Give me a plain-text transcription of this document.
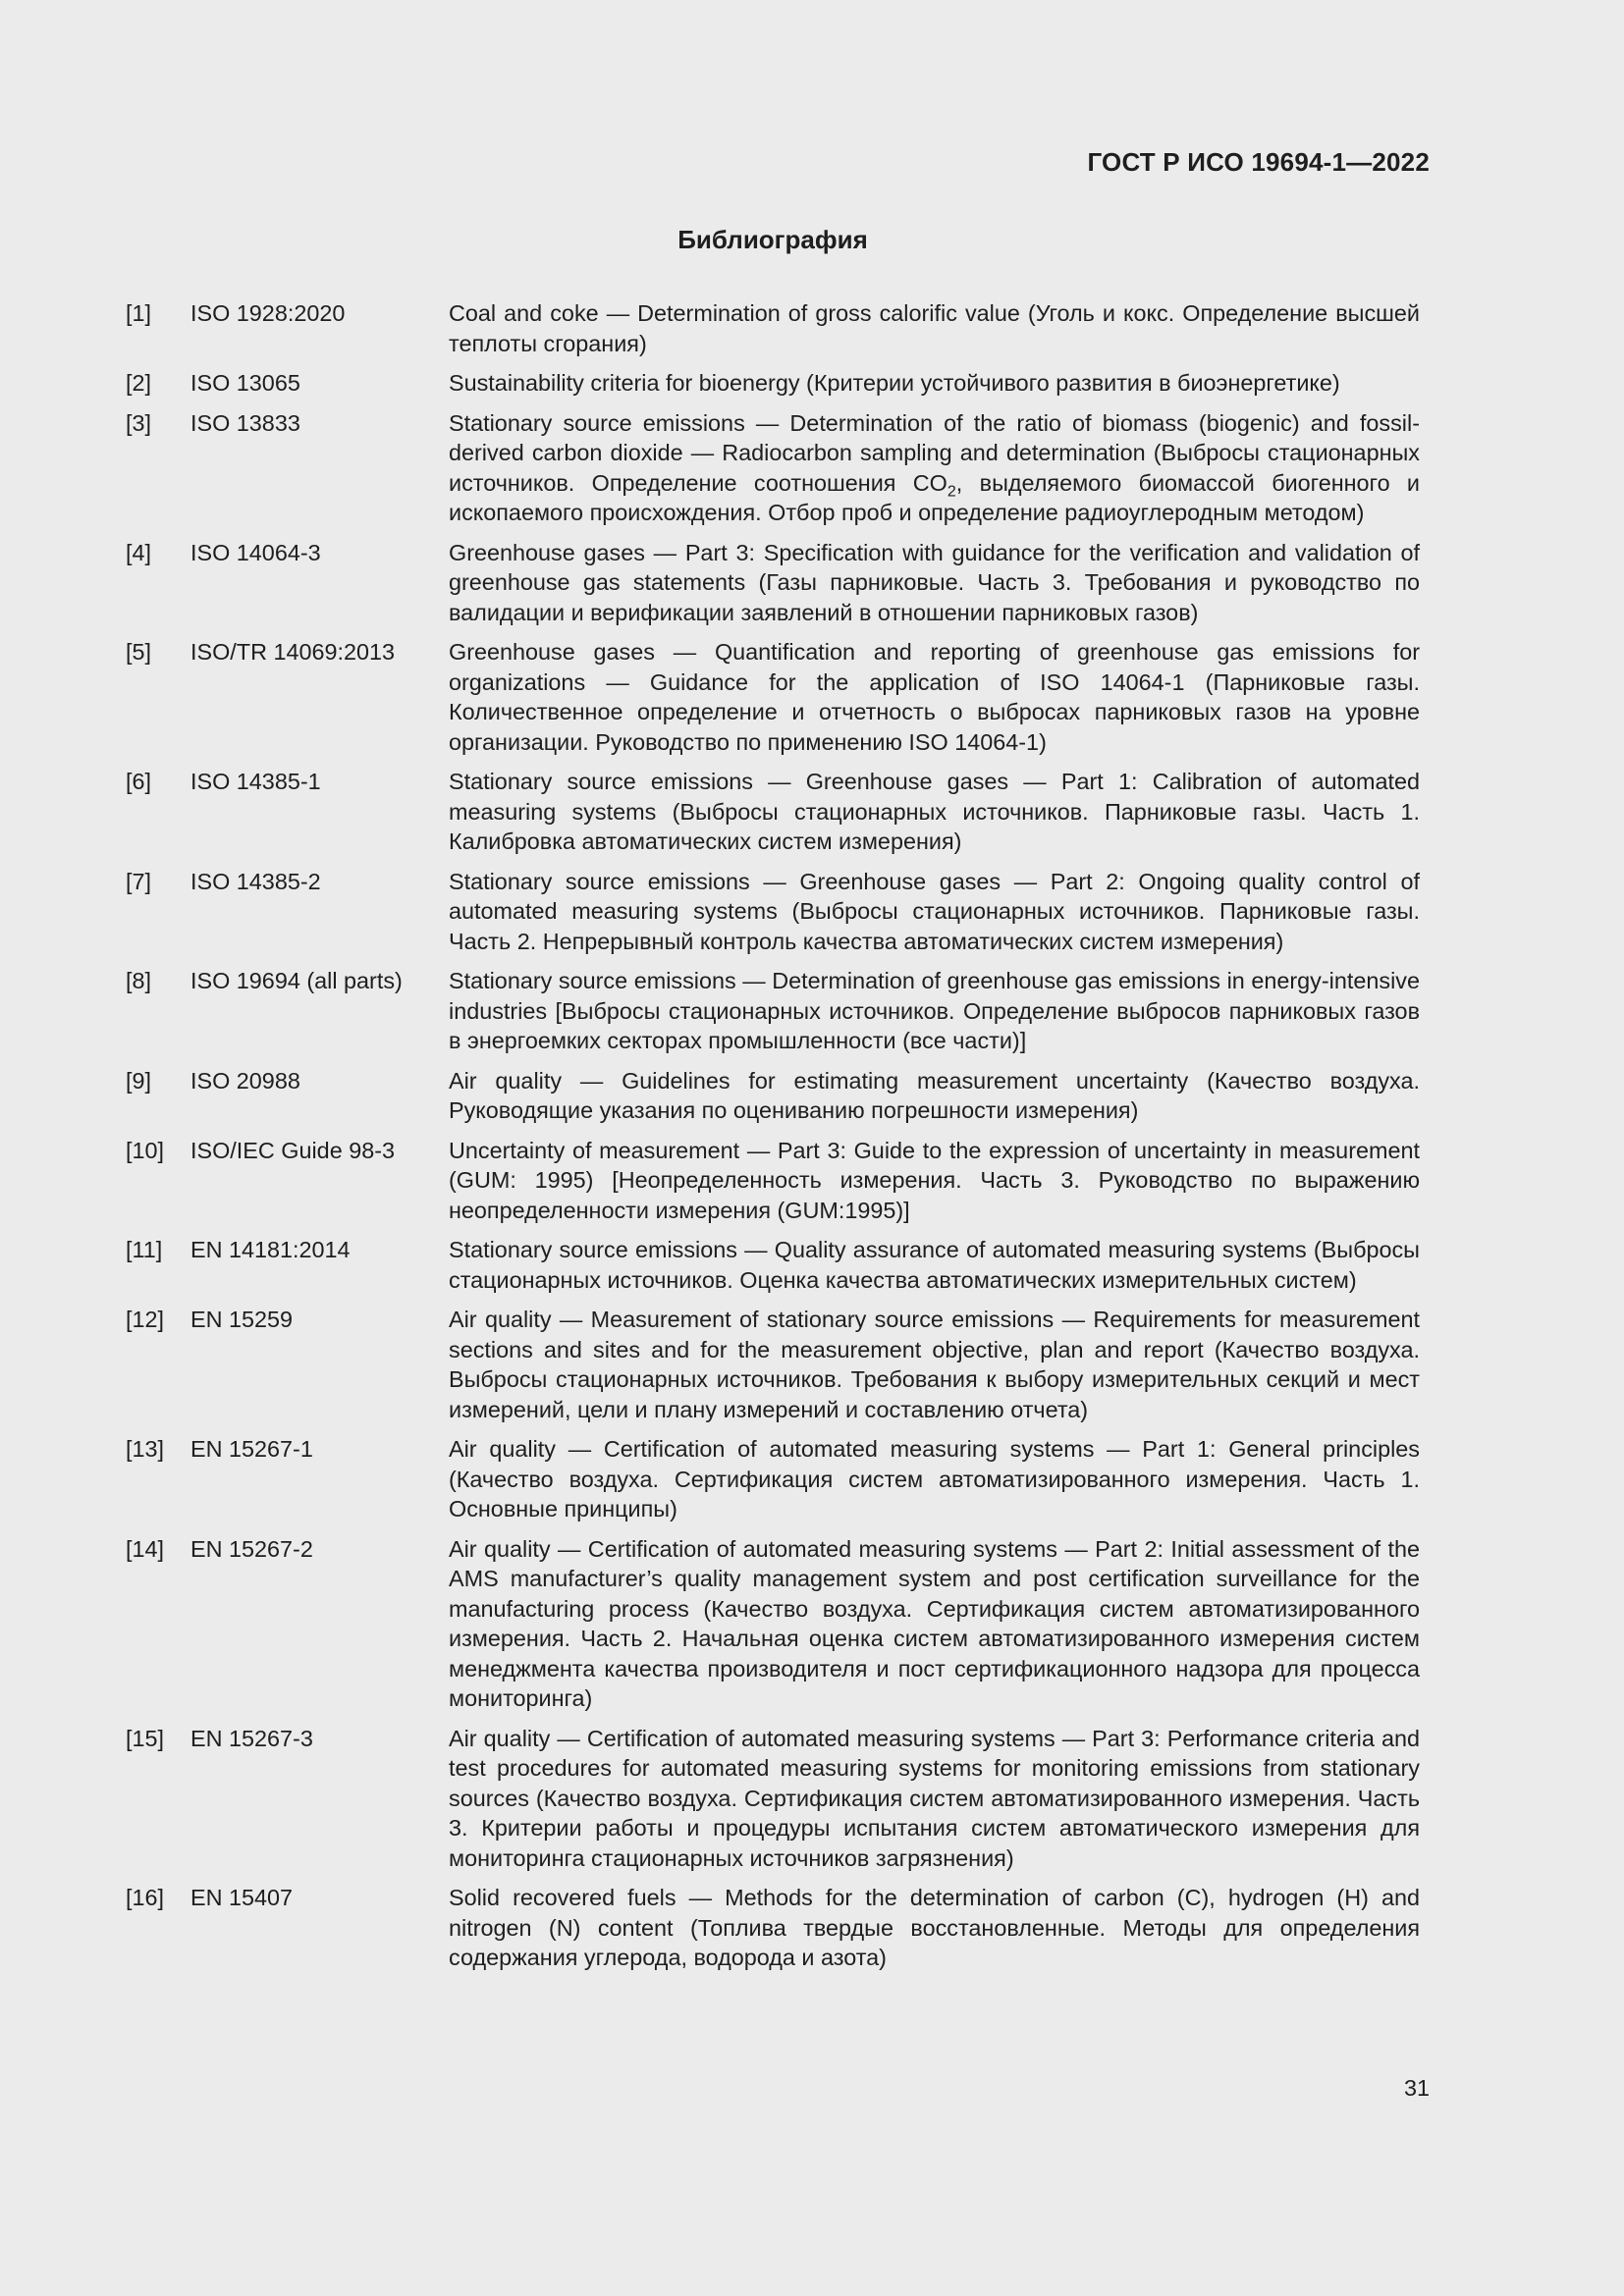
ГОСТ Р ИСО 19694-1—2022
Библиография
[1]	ISO 1928:2020	Coal and coke — Determination of gross calorific value (Уголь и кокс. Определение высшей теплоты сгорания)
[2]	ISO 13065	Sustainability criteria for bioenergy (Критерии устойчивого развития в биоэнергетике)
[3]	ISO 13833	Stationary source emissions — Determination of the ratio of biomass (biogenic) and fossil-derived carbon dioxide — Radiocarbon sampling and determination (Выбросы стационарных источников. Определение соотношения $CO_2$, выделяемого биомассой биогенного и ископаемого происхождения. Отбор проб и определение радиоуглеродным методом)
[4]	ISO 14064-3	Greenhouse gases — Part 3: Specification with guidance for the verification and validation of greenhouse gas statements (Газы парниковые. Часть 3. Требования и руководство по валидации и верификации заявлений в отношении парниковых газов)
[5]	ISO/TR 14069:2013	Greenhouse gases — Quantification and reporting of greenhouse gas emissions for organizations — Guidance for the application of ISO 14064-1 (Парниковые газы. Количественное определение и отчетность о выбросах парниковых газов на уровне организации. Руководство по применению ISO 14064-1)
[6]	ISO 14385-1	Stationary source emissions — Greenhouse gases — Part 1: Calibration of automated measuring systems (Выбросы стационарных источников. Парниковые газы. Часть 1. Калибровка автоматических систем измерения)
[7]	ISO 14385-2	Stationary source emissions — Greenhouse gases — Part 2: Ongoing quality control of automated measuring systems (Выбросы стационарных источников. Парниковые газы. Часть 2. Непрерывный контроль качества автоматических систем измерения)
[8]	ISO 19694 (all parts)	Stationary source emissions — Determination of greenhouse gas emissions in energy-intensive industries [Выбросы стационарных источников. Определение выбросов парниковых газов в энергоемких секторах промышленности (все части)]
[9]	ISO 20988	Air quality — Guidelines for estimating measurement uncertainty (Качество воздуха. Руководящие указания по оцениванию погрешности измерения)
[10]	ISO/IEC Guide 98-3	Uncertainty of measurement — Part 3: Guide to the expression of uncertainty in measurement (GUM: 1995) [Неопределенность измерения. Часть 3. Руководство по выражению неопределенности измерения (GUM:1995)]
[11]	EN 14181:2014	Stationary source emissions — Quality assurance of automated measuring systems (Выбросы стационарных источников. Оценка качества автоматических измерительных систем)
[12]	EN 15259	Air quality — Measurement of stationary source emissions — Requirements for measurement sections and sites and for the measurement objective, plan and report (Качество воздуха. Выбросы стационарных источников. Требования к выбору измерительных секций и мест измерений, цели и плану измерений и составлению отчета)
[13]	EN 15267-1	Air quality — Certification of automated measuring systems — Part 1: General principles (Качество воздуха. Сертификация систем автоматизированного измерения. Часть 1. Основные принципы)
[14]	EN 15267-2	Air quality — Certification of automated measuring systems — Part 2: Initial assessment of the AMS manufacturer’s quality management system and post certification surveillance for the manufacturing process (Качество воздуха. Сертификация систем автоматизированного измерения. Часть 2. Начальная оценка систем автоматизированного измерения систем менеджмента качества производителя и пост сертификационного надзора для процесса мониторинга)
[15]	EN 15267-3	Air quality — Certification of automated measuring systems — Part 3: Performance criteria and test procedures for automated measuring systems for monitoring emissions from stationary sources (Качество воздуха. Сертификация систем автоматизированного измерения. Часть 3. Критерии работы и процедуры испытания систем автоматического измерения для мониторинга стационарных источников загрязнения)
[16]	EN 15407	Solid recovered fuels — Methods for the determination of carbon (C), hydrogen (H) and nitrogen (N) content (Топлива твердые восстановленные. Методы для определения содержания углерода, водорода и азота)
31
